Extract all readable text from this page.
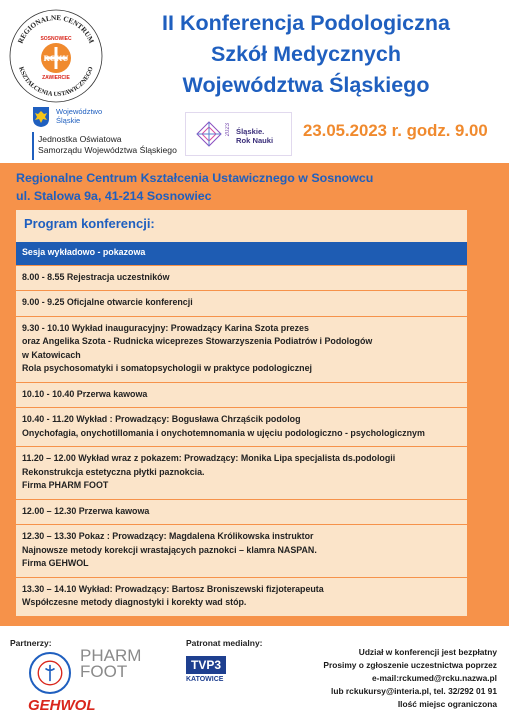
REGIONALNE CENTRUM
KSZTAŁCENIA USTAWICZNEGO
SOSNOWIEC
RCKU
ZAWIERCIE
II Konferencja Podologiczna
Szkół Medycznych
Województwa Śląskiego
Województwo
Śląskie
Jednostka Oświatowa
Samorządu Województwa Śląskiego
2023 Śląskie.
Rok Nauki
23.05.2023 r. godz. 9.00
Regionalne Centrum Kształcenia Ustawicznego w Sosnowcu
ul. Stalowa 9a, 41-214 Sosnowiec
Program konferencji:
Sesja wykładowo - pokazowa
8.00 - 8.55 Rejestracja uczestników
9.00 - 9.25 Oficjalne otwarcie konferencji
9.30 - 10.10 Wykład inauguracyjny: Prowadzący Karina Szota prezes
oraz Angelika Szota - Rudnicka wiceprezes Stowarzyszenia Podiatrów i Podologów
w Katowicach
Rola psychosomatyki i somatopsychologii w praktyce podologicznej
10.10 - 10.40 Przerwa kawowa
10.40 - 11.20 Wykład : Prowadzący: Bogusława Chrząścik podolog
Onychofagia, onychotillomania i onychotemnomania w ujęciu podologiczno - psychologicznym
11.20 – 12.00 Wykład wraz z pokazem: Prowadzący: Monika Lipa specjalista ds.podologii
Rekonstrukcja estetyczna płytki paznokcia.
Firma PHARM FOOT
12.00 – 12.30 Przerwa kawowa
12.30 – 13.30 Pokaz : Prowadzący: Magdalena Królikowska instruktor
Najnowsze metody korekcji wrastających paznokci – klamra NASPAN.
Firma GEHWOL
13.30 – 14.10 Wykład: Prowadzący: Bartosz Broniszewski fizjoterapeuta
Współczesne metody diagnostyki i korekty wad stóp.
Partnerzy:
PHARM
FOOT
GEHWOL
Patronat medialny:
TVP3
KATOWICE
Udział w konferencji jest bezpłatny
Prosimy o zgłoszenie uczestnictwa poprzez
e-mail:rckumed@rcku.nazwa.pl
lub rckukursy@interia.pl, tel. 32/292 01 91
Ilość miejsc ograniczona
